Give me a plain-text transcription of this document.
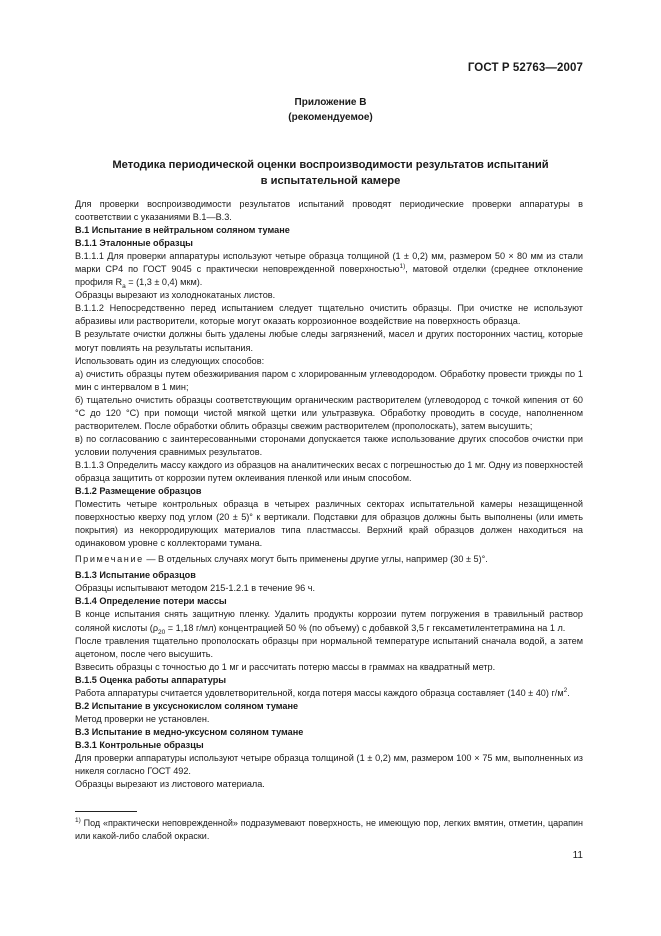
ГОСТ Р 52763—2007
Приложение В
(рекомендуемое)
Методика периодической оценки воспроизводимости результатов испытаний
в испытательной камере

Для проверки воспроизводимости результатов испытаний проводят периодические проверки аппаратуры в соответствии с указаниями В.1—В.3.

В.1 Испытание в нейтральном соляном тумане

В.1.1 Эталонные образцы

В.1.1.1 Для проверки аппаратуры используют четыре образца толщиной (1 ± 0,2) мм, размером 50 × 80 мм из стали марки СР4 по ГОСТ 9045 с практически неповрежденной поверхностью$^{1)}$, матовой отделки (среднее отклонение профиля $R_a = (1,3 \pm 0,4)$ мкм).

Образцы вырезают из холоднокатаных листов.

В.1.1.2 Непосредственно перед испытанием следует тщательно очистить образцы. При очистке не используют абразивы или растворители, которые могут оказать коррозионное воздействие на поверхность образца.

В результате очистки должны быть удалены любые следы загрязнений, масел и других посторонних частиц, которые могут повлиять на результаты испытания.

Использовать один из следующих способов:

а) очистить образцы путем обезжиривания паром с хлорированным углеводородом. Обработку провести трижды по 1 мин с интервалом в 1 мин;

б) тщательно очистить образцы соответствующим органическим растворителем (углеводород с точкой кипения от 60 °С до 120 °С) при помощи чистой мягкой щетки или ультразвука. Обработку проводить в сосуде, наполненном растворителем. После обработки облить образцы свежим растворителем (прополоскать), затем высушить;

в) по согласованию с заинтересованными сторонами допускается также использование других способов очистки при условии получения сравнимых результатов.

В.1.1.3 Определить массу каждого из образцов на аналитических весах с погрешностью до 1 мг. Одну из поверхностей образца защитить от коррозии путем оклеивания пленкой или иным способом.

В.1.2 Размещение образцов

Поместить четыре контрольных образца в четырех различных секторах испытательной камеры незащищенной поверхностью кверху под углом (20 ± 5)° к вертикали. Подставки для образцов должны быть выполнены (или иметь покрытия) из некорродирующих материалов типа пластмассы. Верхний край образцов должен находиться на одинаковом уровне с коллекторами тумана.

Примечание — В отдельных случаях могут быть применены другие углы, например (30 ± 5)°.

В.1.3 Испытание образцов

Образцы испытывают методом 215-1.2.1 в течение 96 ч.

В.1.4 Определение потери массы

В конце испытания снять защитную пленку. Удалить продукты коррозии путем погружения в травильный раствор соляной кислоты ($\rho_{20} = 1,18$ г/мл) концентрацией 50 % (по объему) с добавкой 3,5 г гексаметилентетрамина на 1 л.

После травления тщательно прополоскать образцы при нормальной температуре испытаний сначала водой, а затем ацетоном, после чего высушить.

Взвесить образцы с точностью до 1 мг и рассчитать потерю массы в граммах на квадратный метр.

В.1.5 Оценка работы аппаратуры

Работа аппаратуры считается удовлетворительной, когда потеря массы каждого образца составляет (140 ± 40) $г/м^2$.

В.2 Испытание в уксуснокислом соляном тумане

Метод проверки не установлен.

В.3 Испытание в медно-уксусном соляном тумане

В.3.1 Контрольные образцы

Для проверки аппаратуры используют четыре образца толщиной (1 ± 0,2) мм, размером 100 × 75 мм, выполненных из никеля согласно ГОСТ 492.

Образцы вырезают из листового материала.

$^{1)}$ Под «практически неповрежденной» подразумевают поверхность, не имеющую пор, легких вмятин, отметин, царапин или какой-либо слабой окраски.
11
